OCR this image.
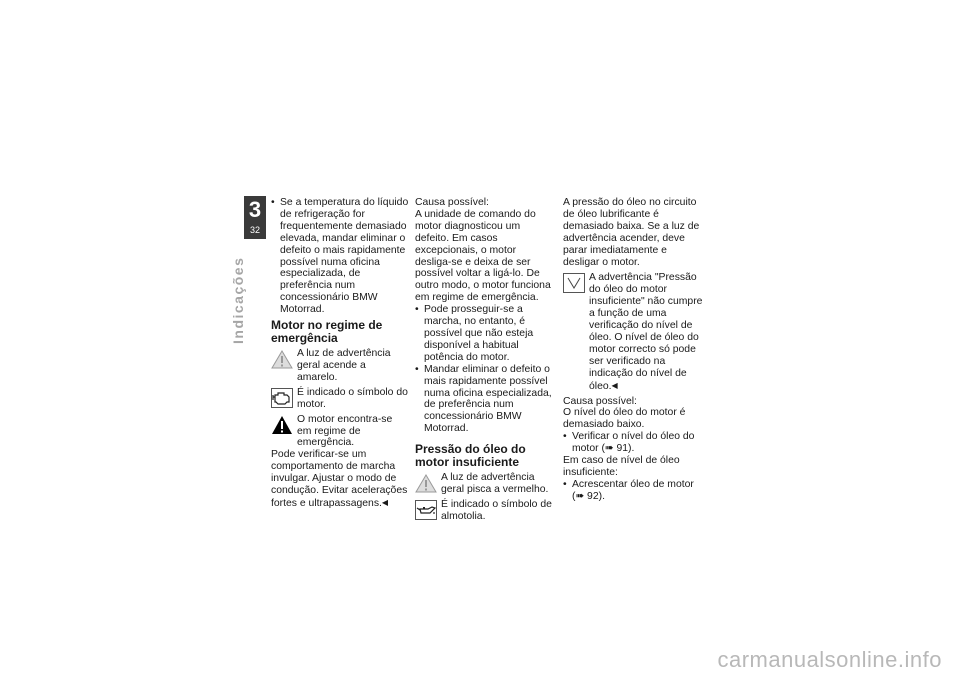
3
32
Indicações

• Se a temperatura do líquido de refrigeração for frequentemente demasiado elevada, mandar eliminar o defeito o mais rapidamente possível numa oficina especializada, de preferência num concessionário BMW Motorrad.

Motor no regime de emergência
A luz de advertência geral acende a amarelo.
É indicado o símbolo do motor.
O motor encontra-se em regime de emergência.

Pode verificar-se um comportamento de marcha invulgar. Ajustar o modo de condução. Evitar acelerações fortes e ultrapassagens. ◀

Causa possível:

A unidade de comando do motor diagnosticou um defeito. Em casos excepcionais, o motor desliga-se e deixa de ser possível voltar a ligá-lo. De outro modo, o motor funciona em regime de emergência.

• Pode prosseguir-se a marcha, no entanto, é possível que não esteja disponível a habitual potência do motor.

• Mandar eliminar o defeito o mais rapidamente possível numa oficina especializada, de preferência num concessionário BMW Motorrad.

Pressão do óleo do motor insuficiente
A luz de advertência geral pisca a vermelho.
É indicado o símbolo de almotolia.

A pressão do óleo no circuito de óleo lubrificante é demasiado baixa. Se a luz de advertência acender, deve parar imediatamente e desligar o motor.

A advertência "Pressão do óleo do motor insuficiente" não cumpre a função de uma verificação do nível de óleo. O nível de óleo do motor correcto só pode ser verificado na indicação do nível de óleo. ◀

Causa possível:

O nível do óleo do motor é demasiado baixo.

• Verificar o nível do óleo do motor (➠ 91).

Em caso de nível de óleo insuficiente:

• Acrescentar óleo de motor (➠ 92).

carmanualsonline.info
